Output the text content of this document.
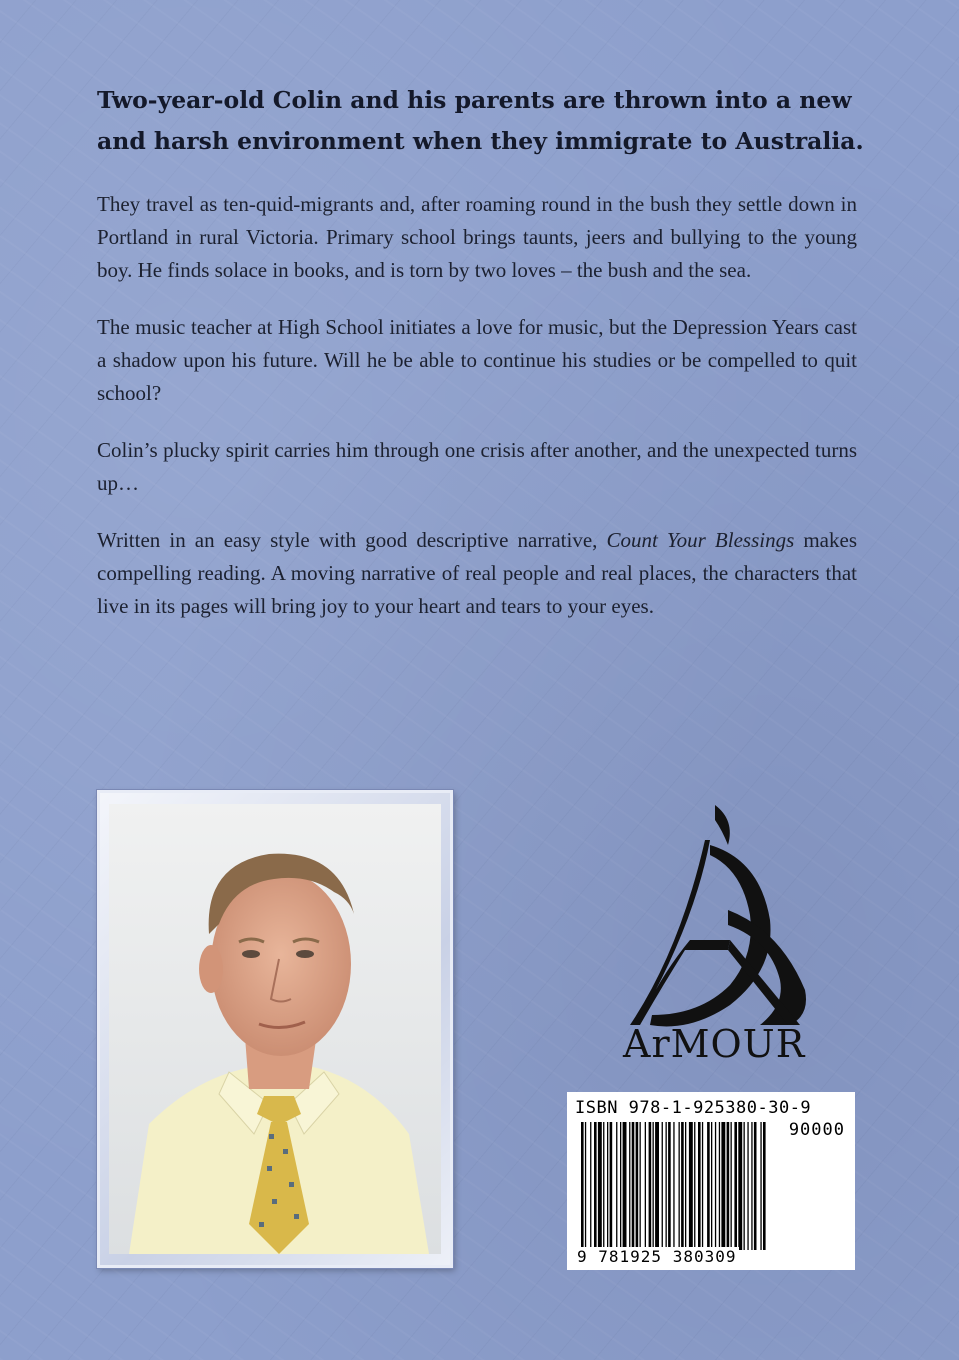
Two-year-old Colin and his parents are thrown into a new
and harsh environment when they immigrate to Australia.

They travel as ten-quid-migrants and, after roaming round in the bush they settle down in Portland in rural Victoria. Primary school brings taunts, jeers and bullying to the young boy. He finds solace in books, and is torn by two loves – the bush and the sea.

The music teacher at High School initiates a love for music, but the Depression Years cast a shadow upon his future. Will he be able to continue his studies or be compelled to quit school?

Colin’s plucky spirit carries him through one crisis after another, and the unexpected turns up…

Written in an easy style with good descriptive narrative, Count Your Blessings makes compelling reading. A moving narrative of real people and real places, the characters that live in its pages will bring joy to your heart and tears to your eyes.

ArMOUR
ISBN 978-1-925380-30-9
90000
9 781925 380309
